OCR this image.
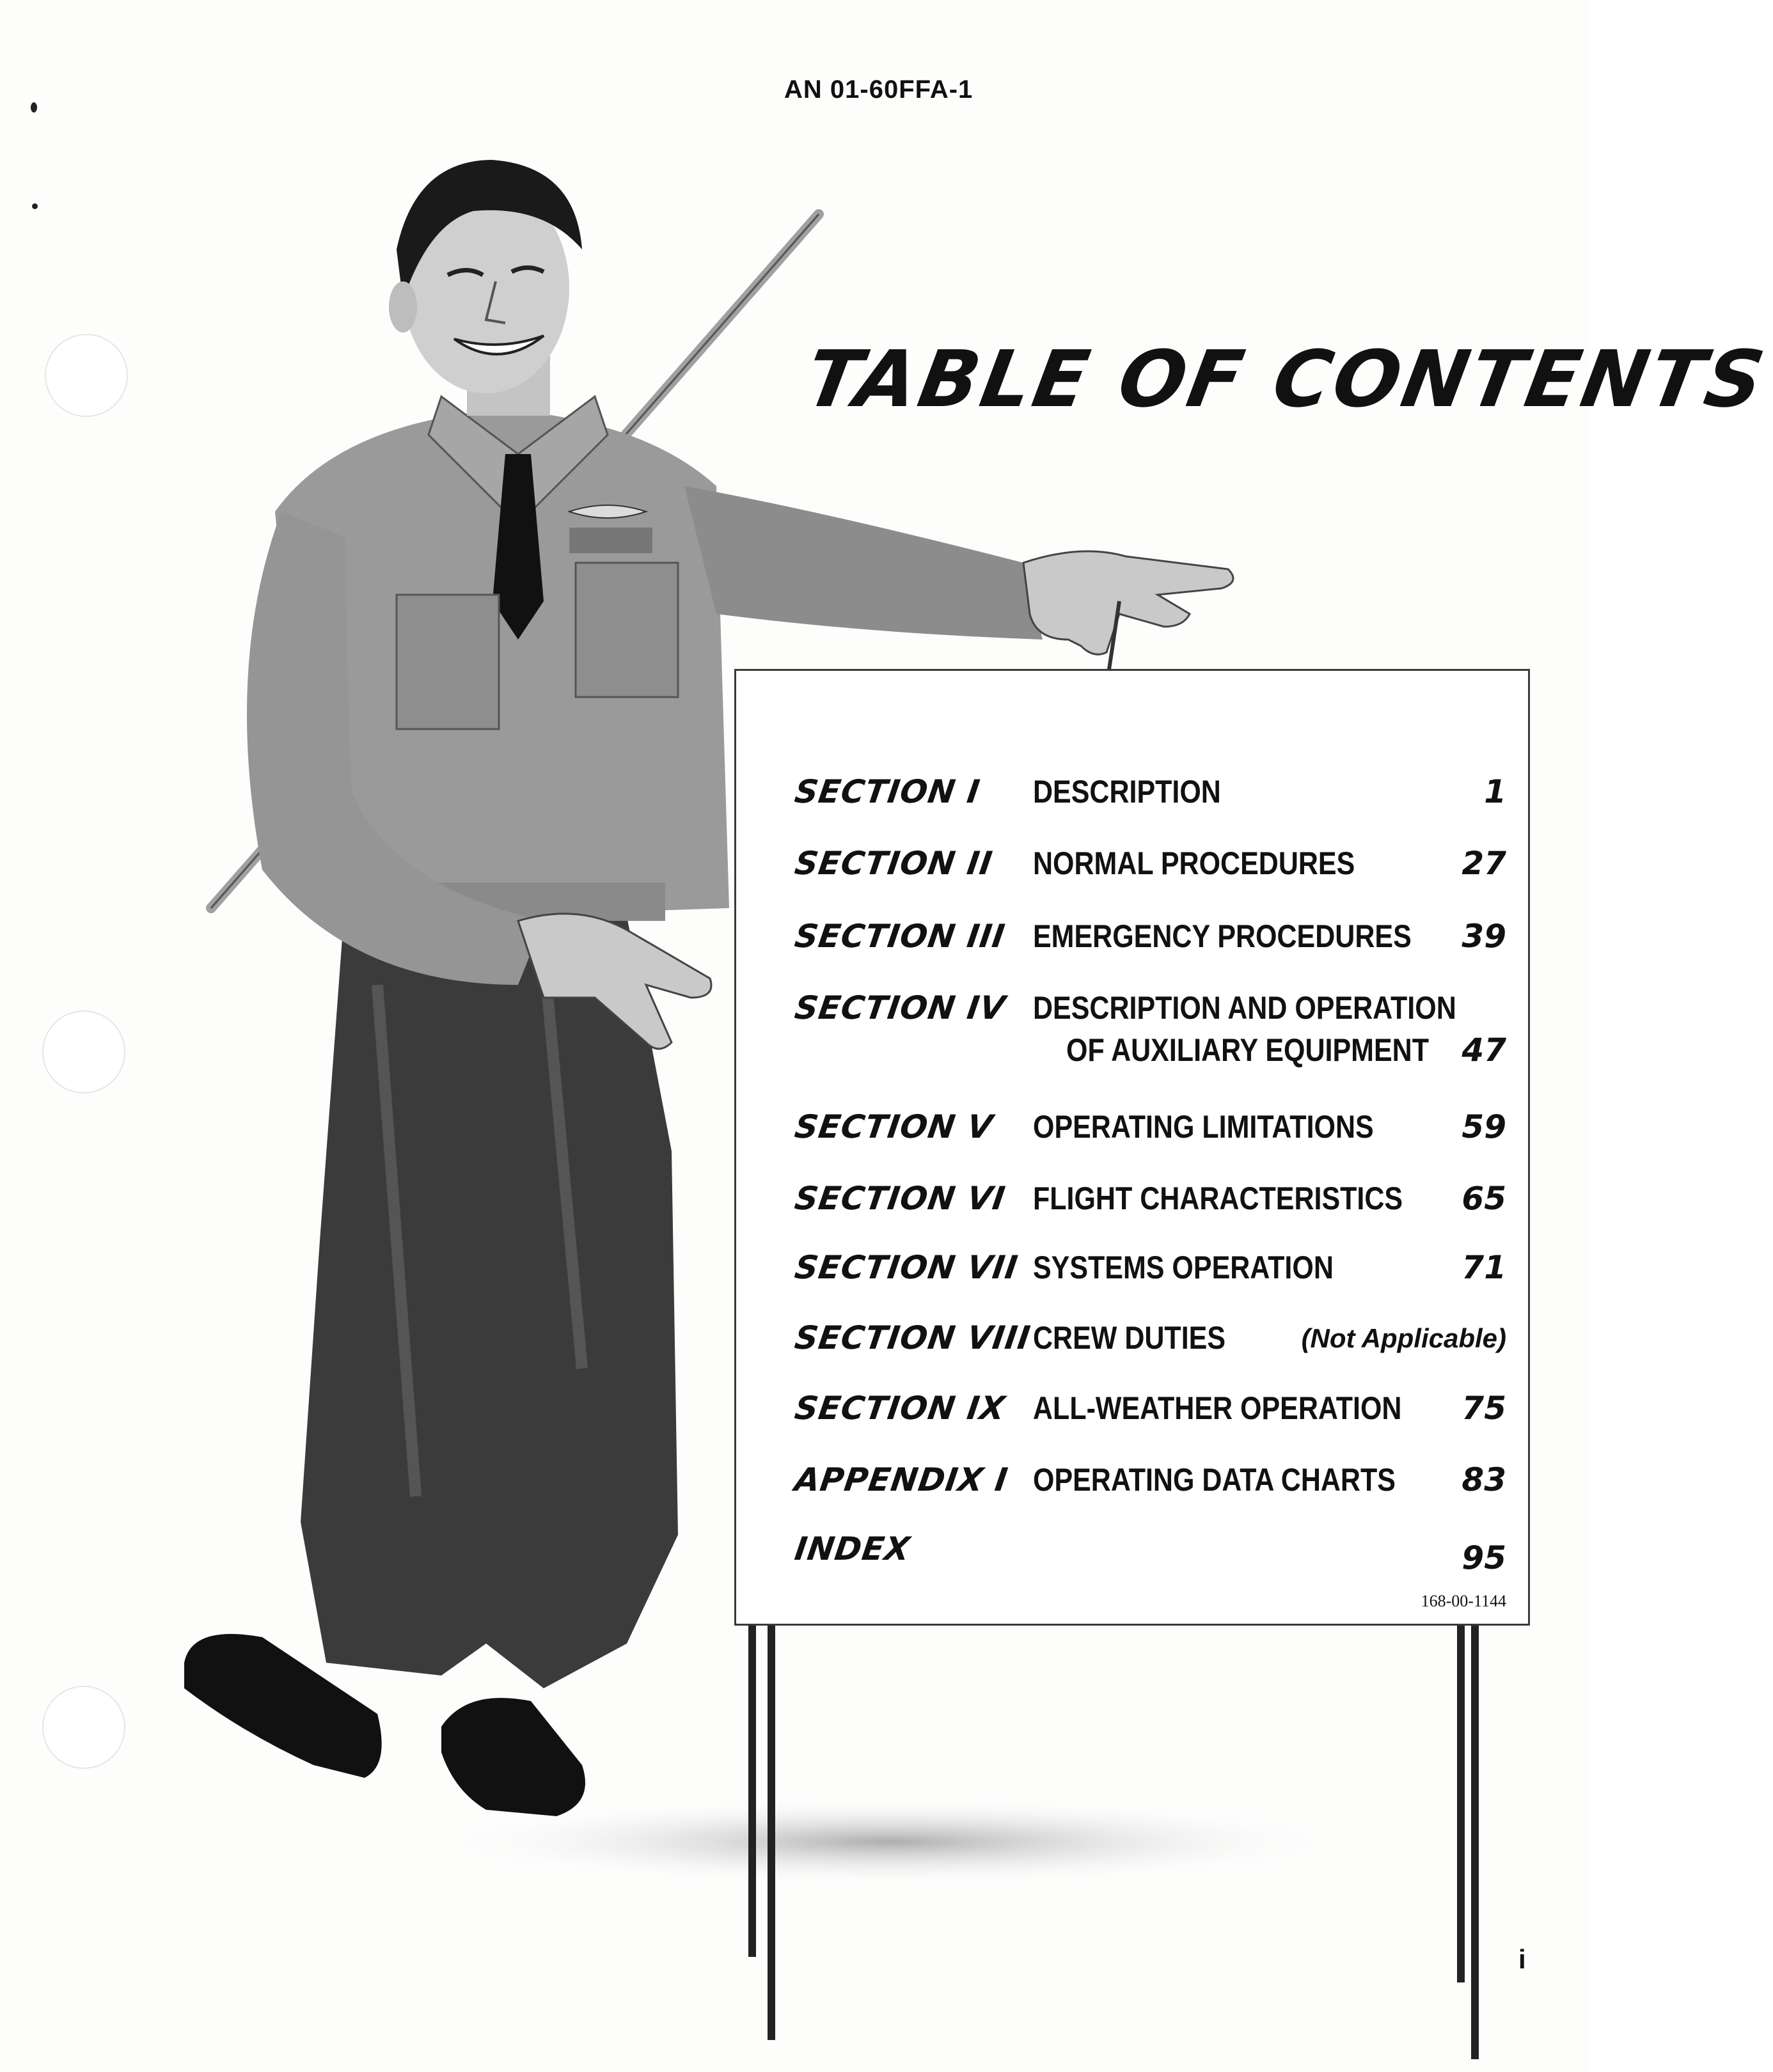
AN 01-60FFA-1
TABLE OF CONTENTS
SECTION I DESCRIPTION	1
SECTION II NORMAL PROCEDURES	27
SECTION III EMERGENCY PROCEDURES 39
SECTION IV DESCRIPTION AND OPERATION
OF AUXILIARY EQUIPMENT 47
SECTION V OPERATING LIMITATIONS	59
SECTION VI FLIGHT CHARACTERISTICS 65
SECTION VII SYSTEMS OPERATION	71
SECTION VIII CREW DUTIES	(Not Applicable)
SECTION IX ALL-WEATHER OPERATION 75
APPENDIX I OPERATING DATA CHARTS 83
INDEX	95
168-00-1144
i
